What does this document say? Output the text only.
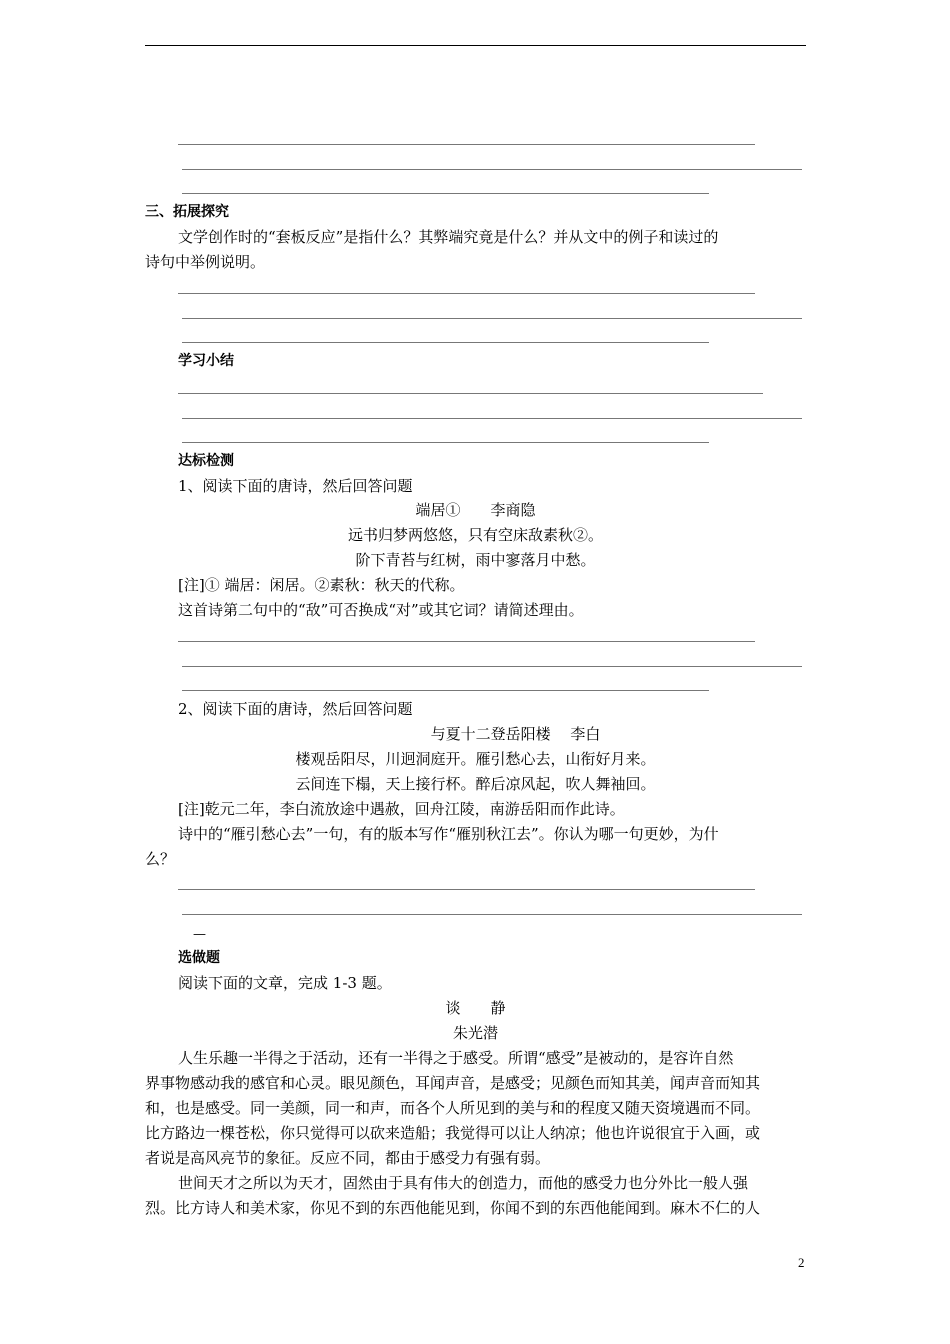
三、拓展探究
文学创作时的“套板反应”是指什么？其弊端究竟是什么？并从文中的例子和读过的
诗句中举例说明。
学习小结
达标检测
1、阅读下面的唐诗，然后回答问题
端居①　　李商隐
远书归梦两悠悠，只有空床敌素秋②。
阶下青苔与红树，雨中寥落月中愁。
[注]① 端居：闲居。②素秋：秋天的代称。
这首诗第二句中的“敌”可否换成“对”或其它词？请简述理由。
2、阅读下面的唐诗，然后回答问题
与夏十二登岳阳楼　 李白
楼观岳阳尽，川迥洞庭开。雁引愁心去，山衔好月来。
云间连下榻，天上接行杯。醉后凉风起，吹人舞袖回。
[注]乾元二年，李白流放途中遇赦，回舟江陵，南游岳阳而作此诗。
诗中的“雁引愁心去”一句，有的版本写作“雁别秋江去”。你认为哪一句更妙，为什
么？
—
选做题
阅读下面的文章，完成 1-3 题。
谈　　静
朱光潜
人生乐趣一半得之于活动，还有一半得之于感受。所谓“感受”是被动的，是容许自然
界事物感动我的感官和心灵。眼见颜色，耳闻声音，是感受；见颜色而知其美，闻声音而知其
和，也是感受。同一美颜，同一和声，而各个人所见到的美与和的程度又随天资境遇而不同。
比方路边一棵苍松，你只觉得可以砍来造船；我觉得可以让人纳凉；他也许说很宜于入画，或
者说是高风亮节的象征。反应不同，都由于感受力有强有弱。
世间天才之所以为天才，固然由于具有伟大的创造力，而他的感受力也分外比一般人强
烈。比方诗人和美术家，你见不到的东西他能见到，你闻不到的东西他能闻到。麻木不仁的人
2
